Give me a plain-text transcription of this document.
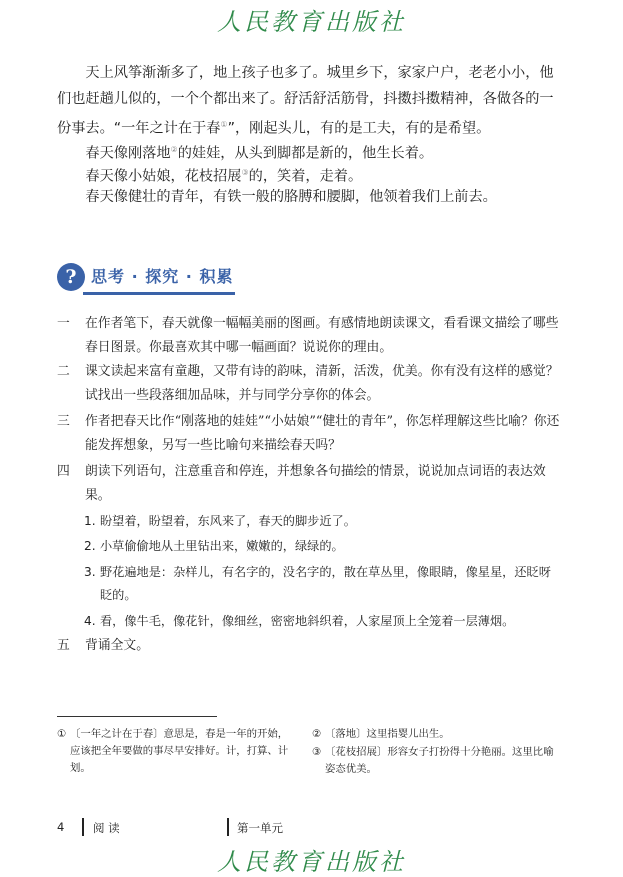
人民教育出版社

天上风筝渐渐多了，地上孩子也多了。城里乡下，家家户户，老老小小，他们也赶趟儿似的，一个个都出来了。舒活舒活筋骨，抖擞抖擞精神，各做各的一份事去。“一年之计在于春①”，刚起头儿，有的是工夫，有的是希望。

春天像刚落地②的娃娃，从头到脚都是新的，他生长着。

春天像小姑娘，花枝招展③的，笑着，走着。

春天像健壮的青年，有铁一般的胳膊和腰脚，他领着我们上前去。

? 思考 · 探究 · 积累
一 在作者笔下，春天就像一幅幅美丽的图画。有感情地朗读课文，看看课文描绘了哪些春日图景。你最喜欢其中哪一幅画面？说说你的理由。
二 课文读起来富有童趣，又带有诗的韵味，清新，活泼，优美。你有没有这样的感觉？试找出一些段落细加品味，并与同学分享你的体会。
三 作者把春天比作“刚落地的娃娃”“小姑娘”“健壮的青年”，你怎样理解这些比喻？你还能发挥想象，另写一些比喻句来描绘春天吗？
四 朗读下列语句，注意重音和停连，并想象各句描绘的情景，说说加点词语的表达效果。
1. 盼望着，盼望着，东风来了，春天的脚步近了。
2. 小草偷偷地从土里钻出来，嫩嫩的，绿绿的。
3. 野花遍地是：杂样儿，有名字的，没名字的，散在草丛里，像眼睛，像星星，还眨呀眨的。
4. 看，像牛毛，像花针，像细丝，密密地斜织着，人家屋顶上全笼着一层薄烟。
五 背诵全文。
① 〔一年之计在于春〕意思是，春是一年的开始，应该把全年要做的事尽早安排好。计，打算、计划。
② 〔落地〕这里指婴儿出生。
③ 〔花枝招展〕形容女子打扮得十分艳丽。这里比喻姿态优美。
4 阅 读	第一单元
人民教育出版社
